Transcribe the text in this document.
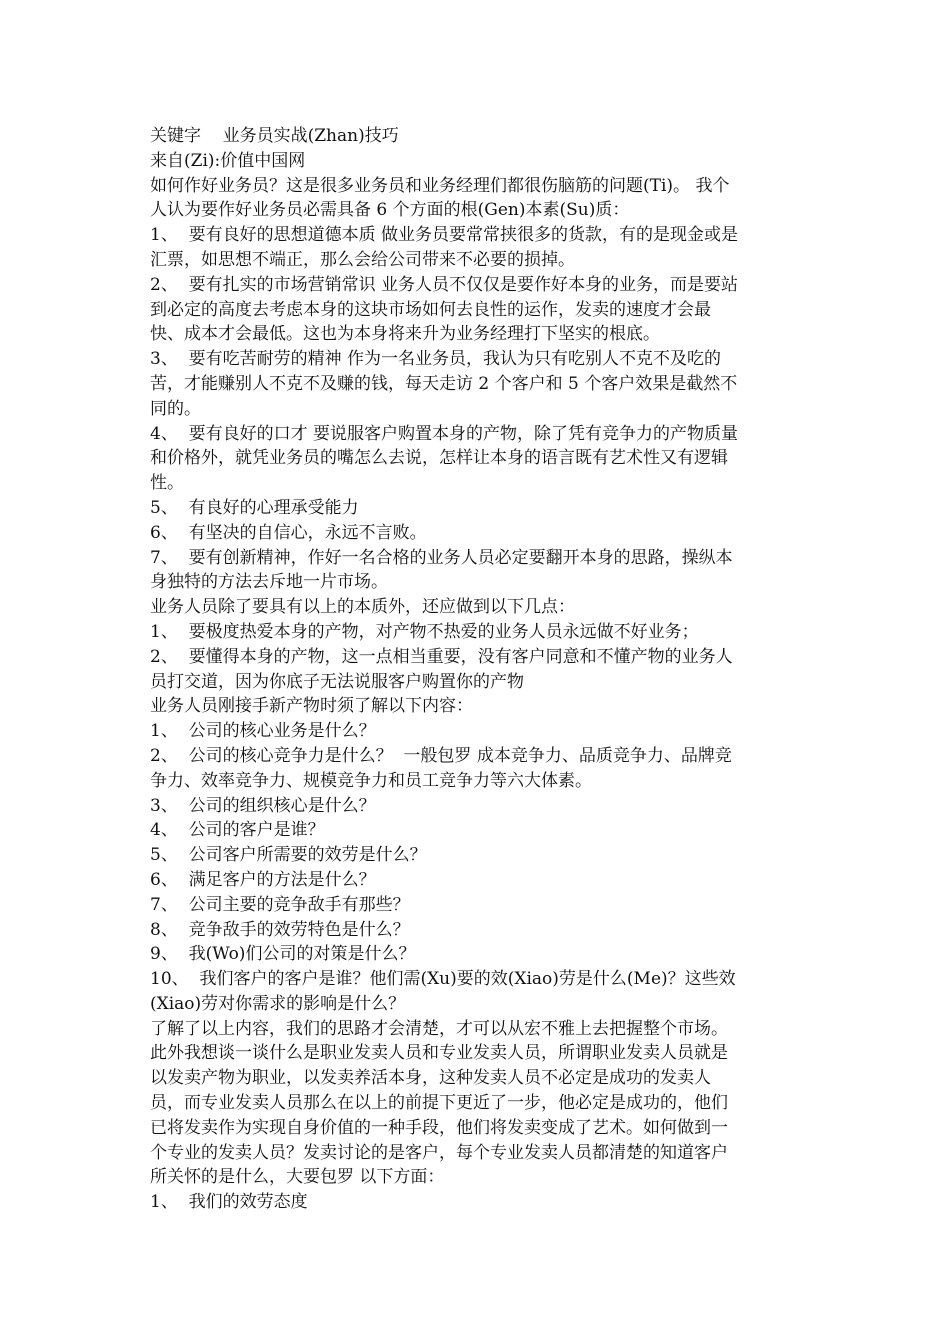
关键字    业务员实战(Zhan)技巧
来自(Zi):价值中国网
如何作好业务员？这是很多业务员和业务经理们都很伤脑筋的问题(Ti)。 我个
人认为要作好业务员必需具备 6 个方面的根(Gen)本素(Su)质：
1、  要有良好的思想道德本质 做业务员要常常挟很多的货款，有的是现金或是
汇票，如思想不端正，那么会给公司带来不必要的损掉。
2、  要有扎实的市场营销常识 业务人员不仅仅是要作好本身的业务，而是要站
到必定的高度去考虑本身的这块市场如何去良性的运作，发卖的速度才会最
快、成本才会最低。这也为本身将来升为业务经理打下坚实的根底。
3、  要有吃苦耐劳的精神 作为一名业务员，我认为只有吃别人不克不及吃的
苦，才能赚别人不克不及赚的钱，每天走访 2 个客户和 5 个客户效果是截然不
同的。
4、  要有良好的口才 要说服客户购置本身的产物，除了凭有竞争力的产物质量
和价格外，就凭业务员的嘴怎么去说，怎样让本身的语言既有艺术性又有逻辑
性。
5、  有良好的心理承受能力
6、  有坚决的自信心，永远不言败。
7、  要有创新精神，作好一名合格的业务人员必定要翻开本身的思路，操纵本
身独特的方法去斥地一片市场。
业务人员除了要具有以上的本质外，还应做到以下几点：
1、  要极度热爱本身的产物，对产物不热爱的业务人员永远做不好业务；
2、  要懂得本身的产物，这一点相当重要，没有客户同意和不懂产物的业务人
员打交道，因为你底子无法说服客户购置你的产物
业务人员刚接手新产物时须了解以下内容：
1、  公司的核心业务是什么？
2、  公司的核心竞争力是什么？  一般包罗 成本竞争力、品质竞争力、品牌竞
争力、效率竞争力、规模竞争力和员工竞争力等六大体素。
3、  公司的组织核心是什么？
4、  公司的客户是谁？
5、  公司客户所需要的效劳是什么？
6、  满足客户的方法是什么？
7、  公司主要的竞争敌手有那些？
8、  竞争敌手的效劳特色是什么？
9、  我(Wo)们公司的对策是什么？
10、  我们客户的客户是谁？他们需(Xu)要的效(Xiao)劳是什么(Me)？这些效
(Xiao)劳对你需求的影响是什么？
了解了以上内容，我们的思路才会清楚，才可以从宏不雅上去把握整个市场。
此外我想谈一谈什么是职业发卖人员和专业发卖人员，所谓职业发卖人员就是
以发卖产物为职业，以发卖养活本身，这种发卖人员不必定是成功的发卖人
员，而专业发卖人员那么在以上的前提下更近了一步，他必定是成功的，他们
已将发卖作为实现自身价值的一种手段，他们将发卖变成了艺术。如何做到一
个专业的发卖人员？发卖讨论的是客户，每个专业发卖人员都清楚的知道客户
所关怀的是什么，大要包罗 以下方面：
1、  我们的效劳态度
